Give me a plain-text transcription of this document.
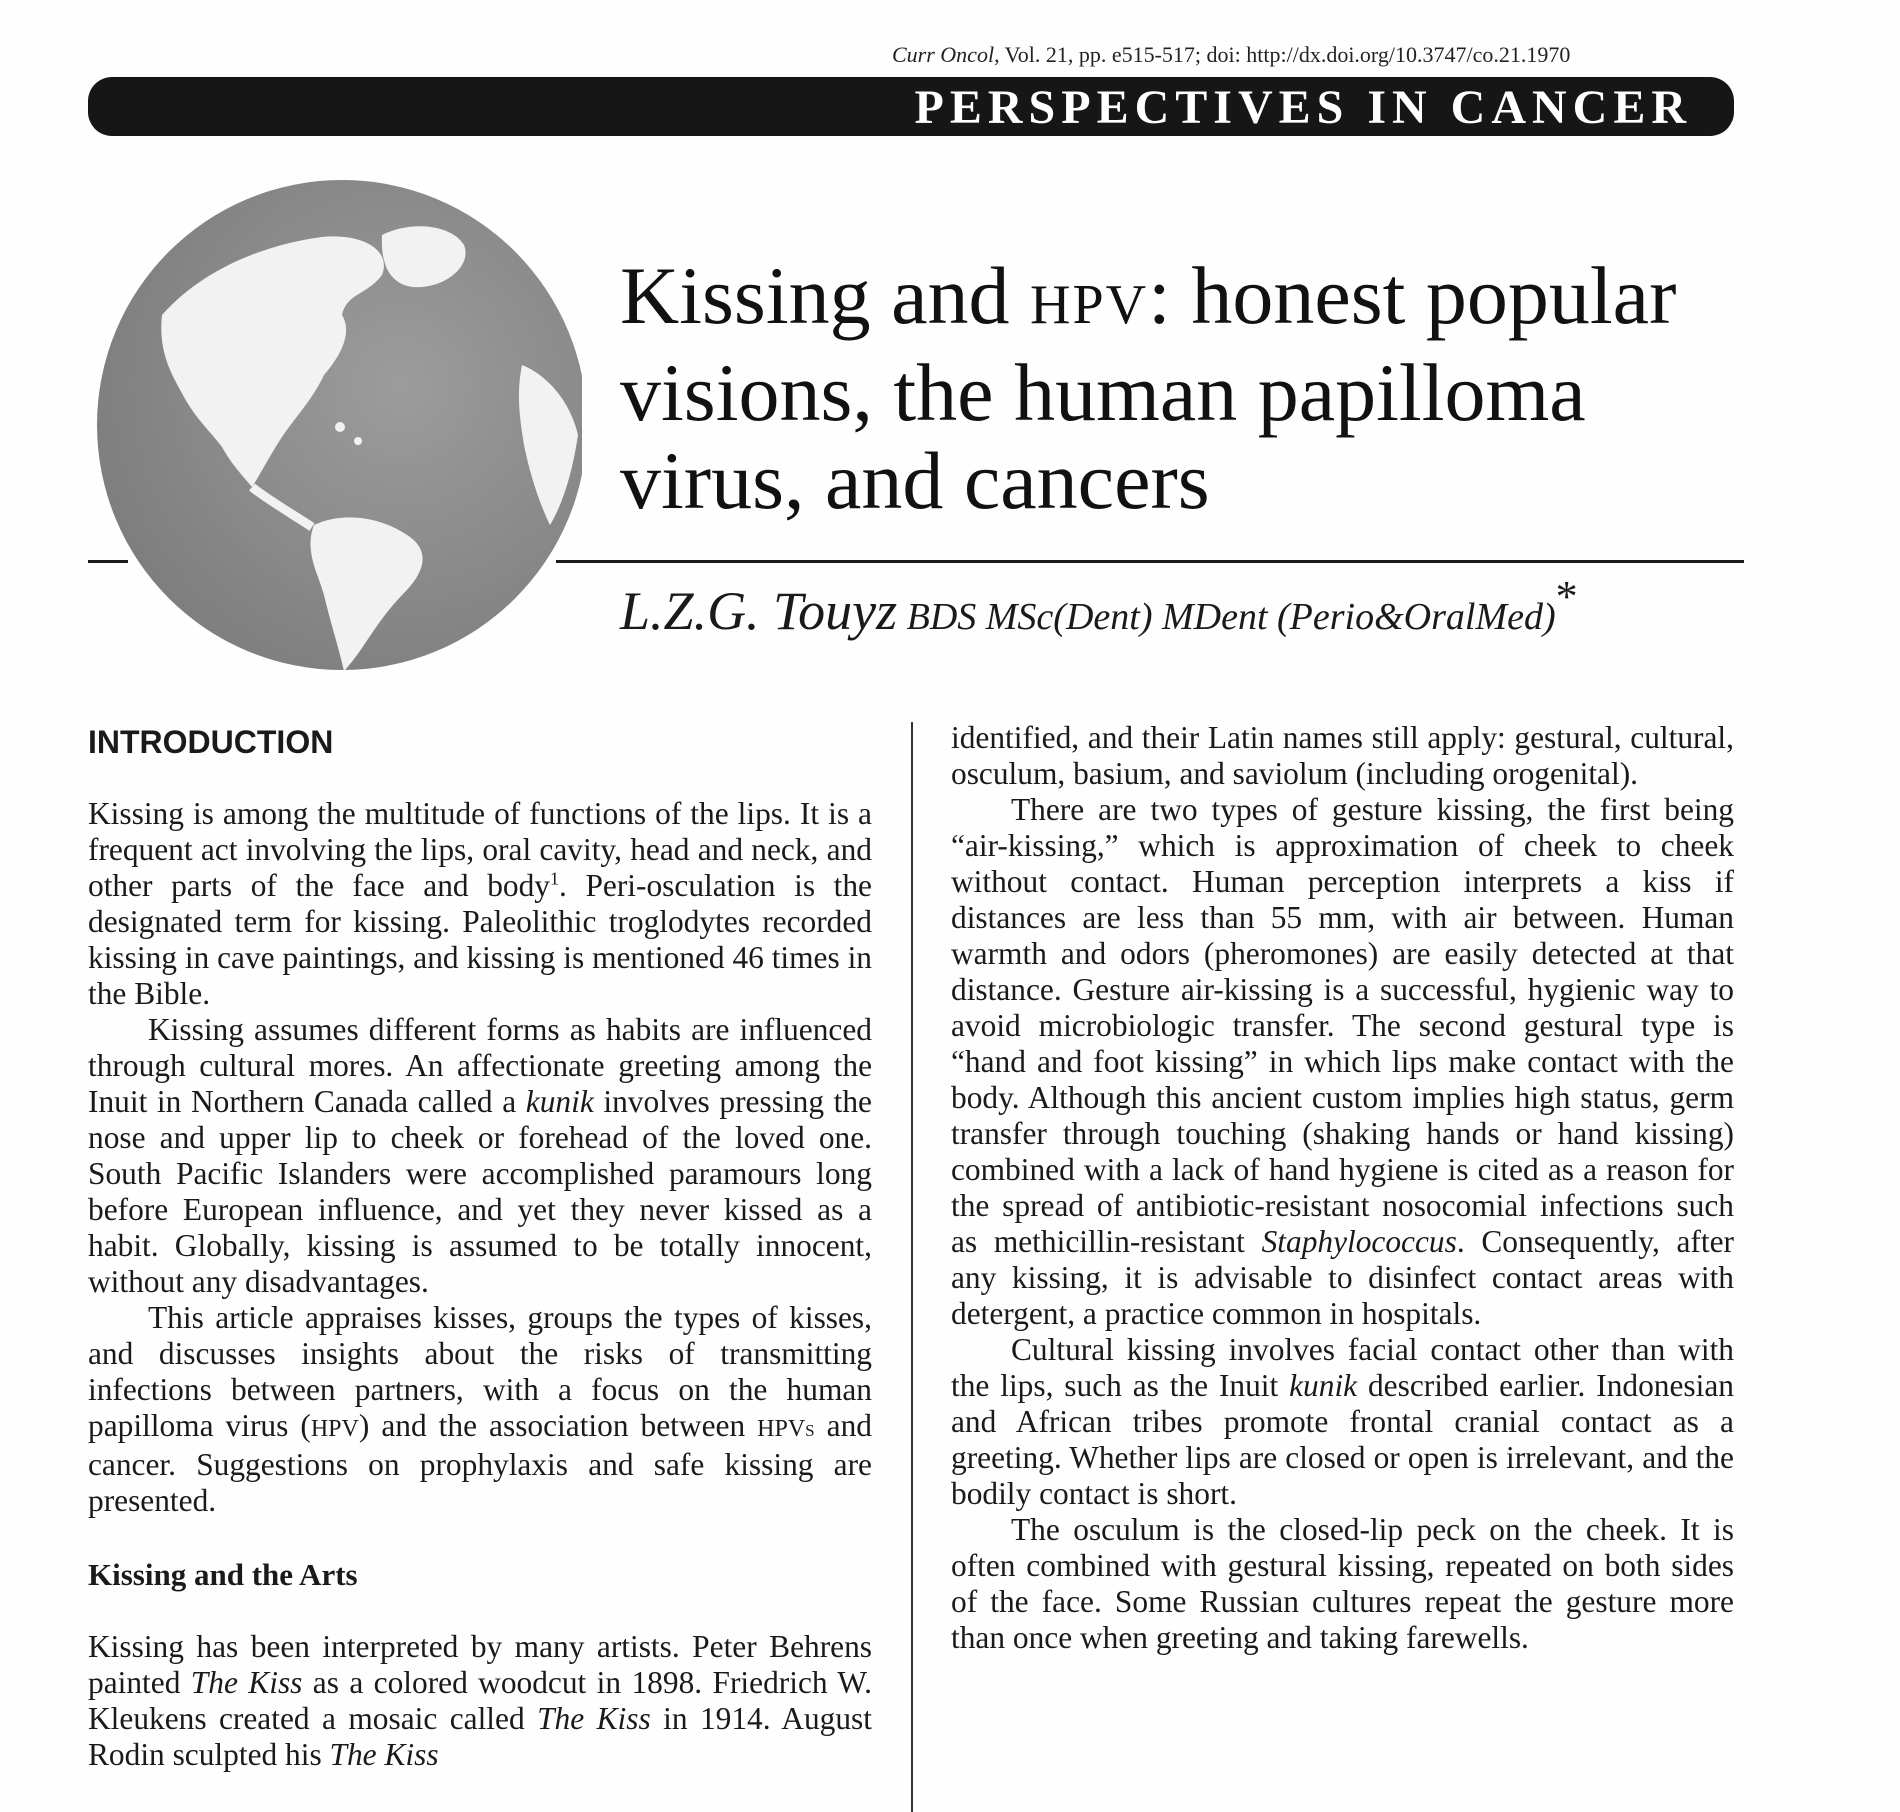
Curr Oncol, Vol. 21, pp. e515-517; doi: http://dx.doi.org/10.3747/co.21.1970
PERSPECTIVES IN CANCER
Kissing and HPV: honest popular visions, the human papilloma virus, and cancers
L.Z.G. Touyz BDS MSc(Dent) MDent (Perio&OralMed)*
INTRODUCTION

Kissing is among the multitude of functions of the lips. It is a frequent act involving the lips, oral cavity, head and neck, and other parts of the face and body$^1$. Peri-osculation is the designated term for kissing. Paleolithic troglodytes recorded kissing in cave paintings, and kissing is mentioned 46 times in the Bible.

Kissing assumes different forms as habits are influenced through cultural mores. An affectionate greeting among the Inuit in Northern Canada called a kunik involves pressing the nose and upper lip to cheek or forehead of the loved one. South Pacific Islanders were accomplished paramours long before European influence, and yet they never kissed as a habit. Globally, kissing is assumed to be totally innocent, without any disadvantages.

This article appraises kisses, groups the types of kisses, and discusses insights about the risks of transmitting infections between partners, with a focus on the human papilloma virus (HPV) and the association between HPVs and cancer. Suggestions on prophylaxis and safe kissing are presented.

Kissing and the Arts

Kissing has been interpreted by many artists. Peter Behrens painted The Kiss as a colored woodcut in 1898. Friedrich W. Kleukens created a mosaic called The Kiss in 1914. August Rodin sculpted his The Kiss

identified, and their Latin names still apply: gestural, cultural, osculum, basium, and saviolum (including orogenital).

There are two types of gesture kissing, the first being “air-kissing,” which is approximation of cheek to cheek without contact. Human perception interprets a kiss if distances are less than 55 mm, with air between. Human warmth and odors (pheromones) are easily detected at that distance. Gesture air-kissing is a successful, hygienic way to avoid microbiologic transfer. The second gestural type is “hand and foot kissing” in which lips make contact with the body. Although this ancient custom implies high status, germ transfer through touching (shaking hands or hand kissing) combined with a lack of hand hygiene is cited as a reason for the spread of antibiotic-resistant nosocomial infections such as methicillin-resistant Staphylococcus. Consequently, after any kissing, it is advisable to disinfect contact areas with detergent, a practice common in hospitals.

Cultural kissing involves facial contact other than with the lips, such as the Inuit kunik described earlier. Indonesian and African tribes promote frontal cranial contact as a greeting. Whether lips are closed or open is irrelevant, and the bodily contact is short.

The osculum is the closed-lip peck on the cheek. It is often combined with gestural kissing, repeated on both sides of the face. Some Russian cultures repeat the gesture more than once when greeting and taking farewells.
